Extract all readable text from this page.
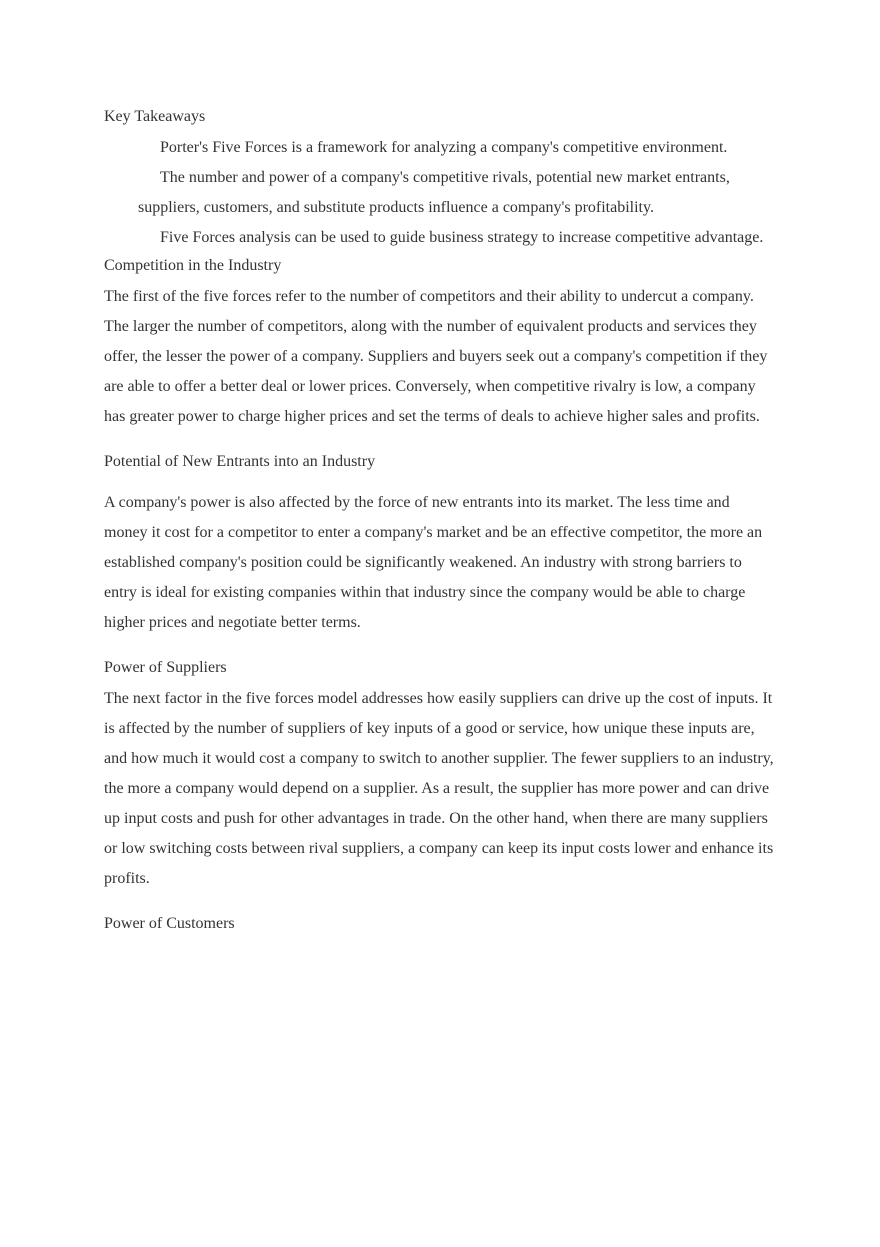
Key Takeaways
Porter's Five Forces is a framework for analyzing a company's competitive environment.
The number and power of a company's competitive rivals, potential new market entrants, suppliers, customers, and substitute products influence a company's profitability.
Five Forces analysis can be used to guide business strategy to increase competitive advantage.
Competition in the Industry

The first of the five forces refer to the number of competitors and their ability to undercut a company. The larger the number of competitors, along with the number of equivalent products and services they offer, the lesser the power of a company. Suppliers and buyers seek out a company's competition if they are able to offer a better deal or lower prices. Conversely, when competitive rivalry is low, a company has greater power to charge higher prices and set the terms of deals to achieve higher sales and profits.

Potential of New Entrants into an Industry

A company's power is also affected by the force of new entrants into its market. The less time and money it cost for a competitor to enter a company's market and be an effective competitor, the more an established company's position could be significantly weakened. An industry with strong barriers to entry is ideal for existing companies within that industry since the company would be able to charge higher prices and negotiate better terms.

Power of Suppliers

The next factor in the five forces model addresses how easily suppliers can drive up the cost of inputs. It is affected by the number of suppliers of key inputs of a good or service, how unique these inputs are, and how much it would cost a company to switch to another supplier. The fewer suppliers to an industry, the more a company would depend on a supplier. As a result, the supplier has more power and can drive up input costs and push for other advantages in trade. On the other hand, when there are many suppliers or low switching costs between rival suppliers, a company can keep its input costs lower and enhance its profits.

Power of Customers
